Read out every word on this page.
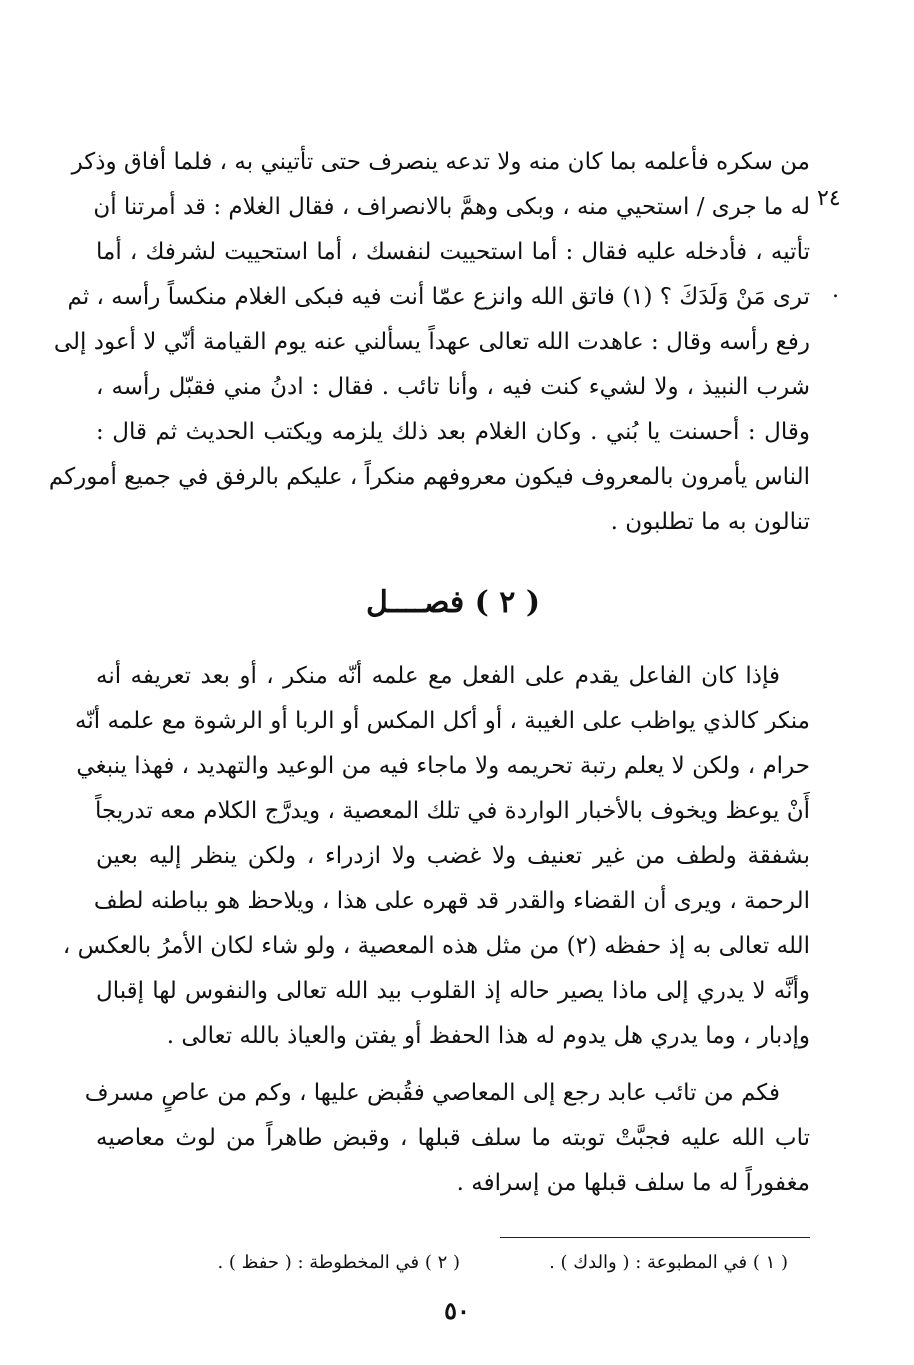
٢٤
.
من سكره فأعلمه بما كان منه ولا تدعه ينصرف حتى تأتيني به ، فلما أفاق وذكر
له ما جرى / استحيي منه ، وبكى وهمَّ بالانصراف ، فقال الغلام : قد أمرتنا أن
تأتيه ، فأدخله عليه فقال : أما استحييت لنفسك ، أما استحييت لشرفك ، أما
ترى مَنْ وَلَدَكَ ؟ (١) فاتق الله وانزع عمّا أنت فيه فبكى الغلام منكساً رأسه ، ثم
رفع رأسه وقال : عاهدت الله تعالى عهداً يسألني عنه يوم القيامة أنّي لا أعود إلى
شرب النبيذ ، ولا لشيء كنت فيه ، وأنا تائب . فقال : ادنُ مني فقبّل رأسه ،
وقال : أحسنت يا بُني . وكان الغلام بعد ذلك يلزمه ويكتب الحديث ثم قال :
الناس يأمرون بالمعروف فيكون معروفهم منكراً ، عليكم بالرفق في جميع أموركم
تنالون به ما تطلبون .
( ٢ ) فصــــل
فإذا كان الفاعل يقدم على الفعل مع علمه أنّه منكر ، أو بعد تعريفه أنه
منكر كالذي يواظب على الغيبة ، أو أكل المكس أو الربا أو الرشوة مع علمه أنّه
حرام ، ولكن لا يعلم رتبة تحريمه ولا ماجاء فيه من الوعيد والتهديد ، فهذا ينبغي
أَنْ يوعظ ويخوف بالأخبار الواردة في تلك المعصية ، ويدرَّج الكلام معه تدريجاً
بشفقة ولطف من غير تعنيف ولا غضب ولا ازدراء ، ولكن ينظر إليه بعين
الرحمة ، ويرى أن القضاء والقدر قد قهره على هذا ، ويلاحظ هو بباطنه لطف
الله تعالى به إذ حفظه (٢) من مثل هذه المعصية ، ولو شاء لكان الأمرُ بالعكس ،
وأنَّه لا يدري إلى ماذا يصير حاله إذ القلوب بيد الله تعالى والنفوس لها إقبال
وإدبار ، وما يدري هل يدوم له هذا الحفظ أو يفتن والعياذ بالله تعالى .
فكم من تائب عابد رجع إلى المعاصي فقُبض عليها ، وكم من عاصٍ مسرف
تاب الله عليه فجبَّتْ توبته ما سلف قبلها ، وقبض طاهراً من لوث معاصيه
مغفوراً له ما سلف قبلها من إسرافه .
( ١ ) في المطبوعة : ( والدك ) .
( ٢ ) في المخطوطة : ( حفظ ) .
٥٠
